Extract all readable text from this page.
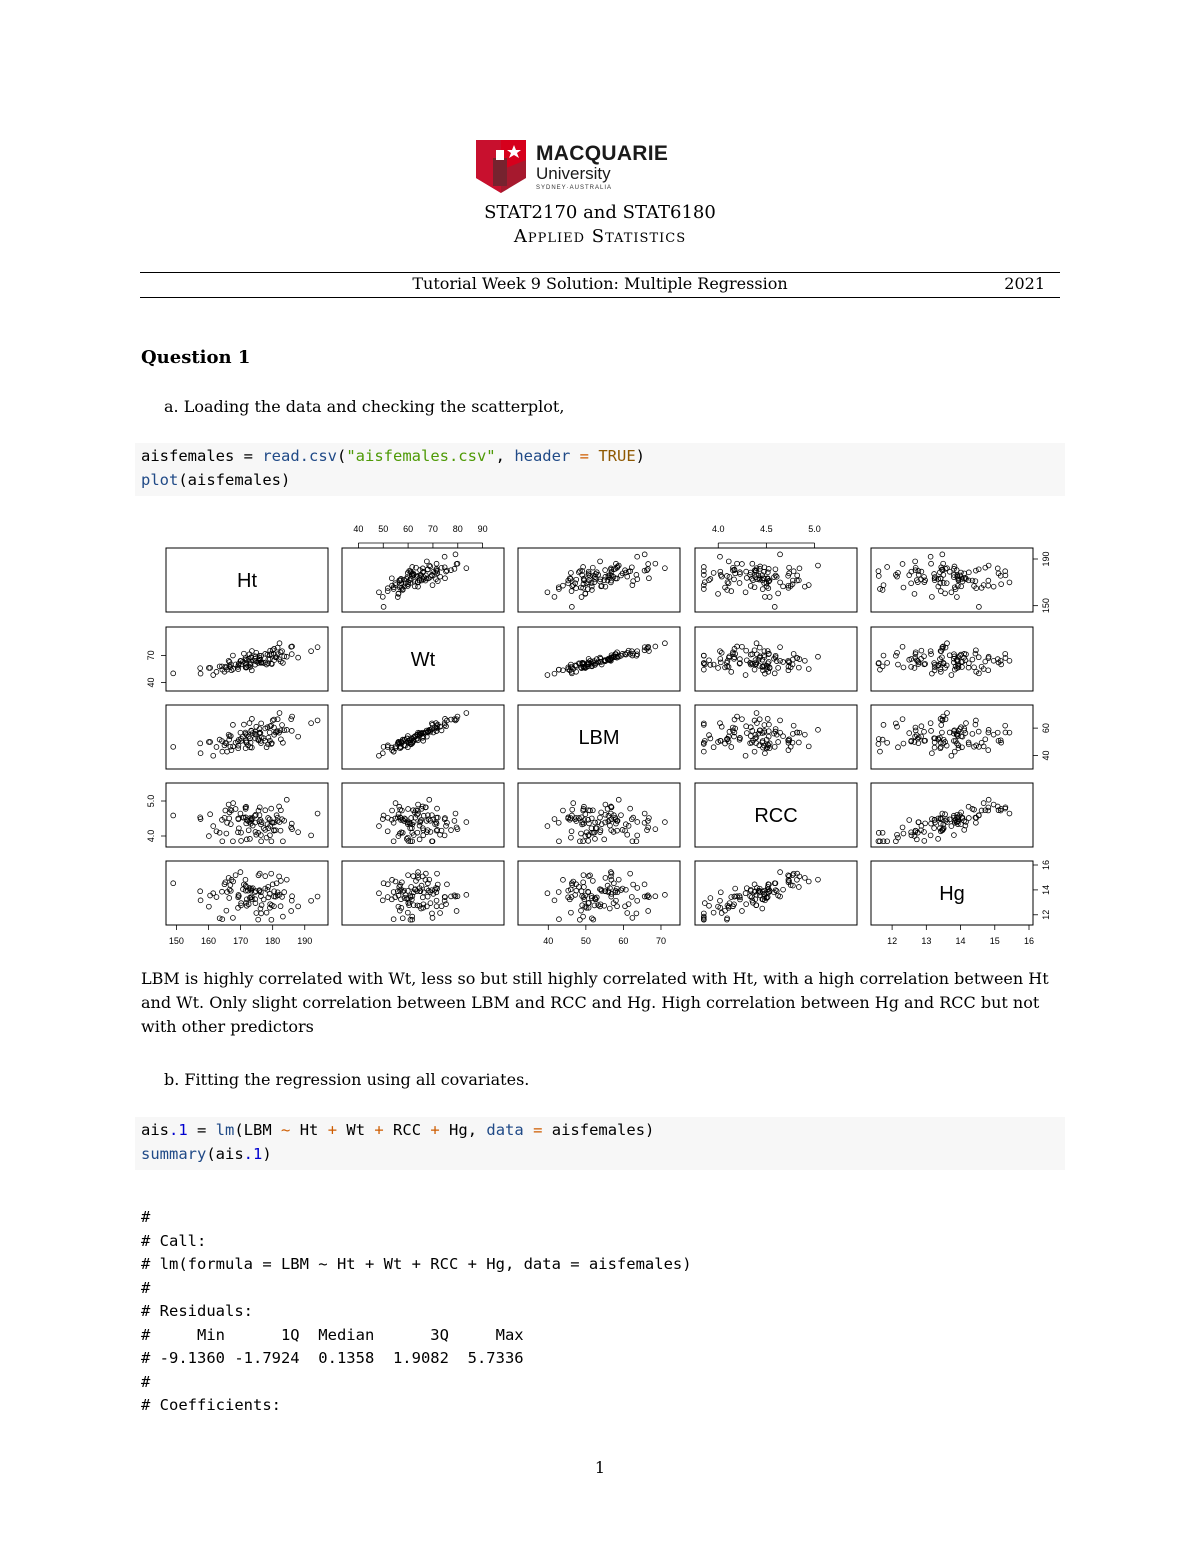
MACQUARIE
University
SYDNEY·AUSTRALIA
STAT2170 and STAT6180
Applied Statistics
Tutorial Week 9 Solution: Multiple Regression	2021
Question 1
a. Loading the data and checking the scatterplot,
aisfemales = read.csv("aisfemales.csv", header = TRUE)
plot(aisfemales)
Ht
Wt
LBM
RCC
Hg
40 50 60 70 80 90	4.0	4.5	5.0
150 160 170 180 190	40	50	60	70	12	13	14	15	16
150
190
40
60
12
14
16
40
70
4.0
5.0
LBM is highly correlated with Wt, less so but still highly correlated with Ht, with a high correlation between Ht and Wt. Only slight correlation between LBM and RCC and Hg. High correlation between Hg and RCC but not with other predictors
b. Fitting the regression using all covariates.
ais.1 = lm(LBM ~ Ht + Wt + RCC + Hg, data = aisfemales)
summary(ais.1)
#
# Call:
# lm(formula = LBM ~ Ht + Wt + RCC + Hg, data = aisfemales)
#
# Residuals:
#     Min      1Q  Median      3Q     Max
# -9.1360 -1.7924  0.1358  1.9082  5.7336
#
# Coefficients:
1
